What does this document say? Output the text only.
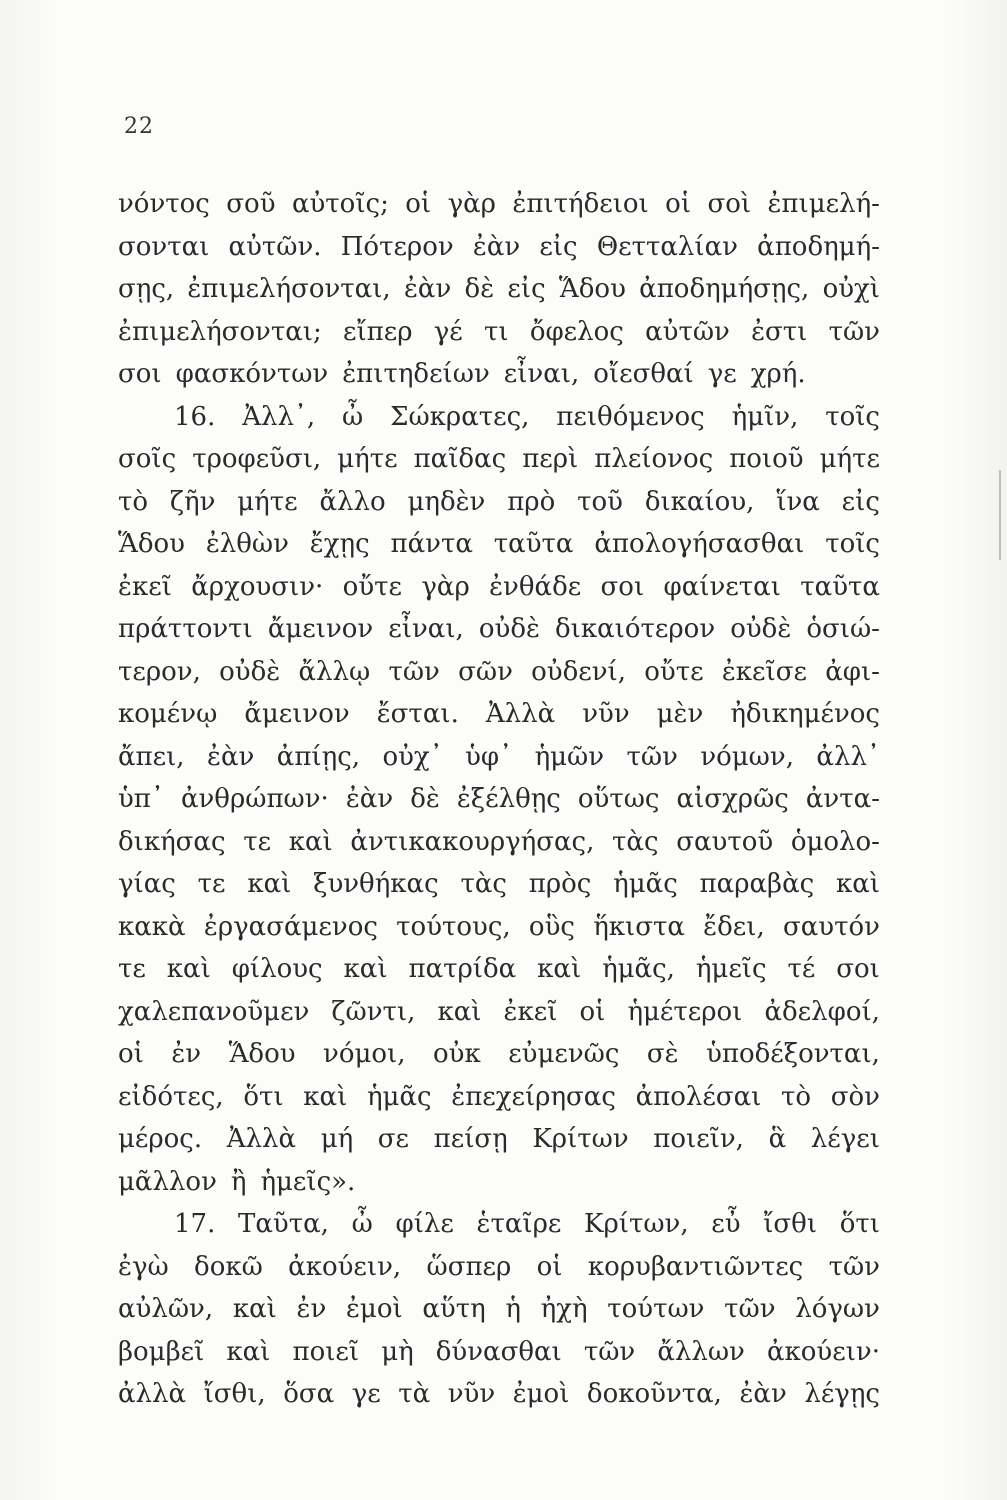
22
νόντος σοῦ αὐτοῖς; οἱ γὰρ ἐπιτήδειοι οἱ σοὶ ἐπιμελή-
σονται αὐτῶν. Πότερον ἐὰν εἰς Θετταλίαν ἀποδημή-
σῃς, ἐπιμελήσονται, ἐὰν δὲ εἰς Ἅδου ἀποδημήσῃς, οὐχὶ
ἐπιμελήσονται; εἴπερ γέ τι ὄφελος αὐτῶν ἐστι τῶν
σοι φασκόντων ἐπιτηδείων εἶναι, οἴεσθαί γε χρή.
16. Ἀλλ᾽, ὦ Σώκρατες, πειθόμενος ἡμῖν, τοῖς
σοῖς τροφεῦσι, μήτε παῖδας περὶ πλείονος ποιοῦ μήτε
τὸ ζῆν μήτε ἄλλο μηδὲν πρὸ τοῦ δικαίου, ἵνα εἰς
Ἅδου ἐλθὼν ἔχῃς πάντα ταῦτα ἀπολογήσασθαι τοῖς
ἐκεῖ ἄρχουσιν· οὔτε γὰρ ἐνθάδε σοι φαίνεται ταῦτα
πράττοντι ἄμεινον εἶναι, οὐδὲ δικαιότερον οὐδὲ ὁσιώ-
τερον, οὐδὲ ἄλλῳ τῶν σῶν οὐδενί, οὔτε ἐκεῖσε ἀφι-
κομένῳ ἄμεινον ἔσται. Ἀλλὰ νῦν μὲν ἠδικημένος
ἄπει, ἐὰν ἀπίῃς, οὐχ᾽ ὑφ᾽ ἡμῶν τῶν νόμων, ἀλλ᾽
ὑπ᾽ ἀνθρώπων· ἐὰν δὲ ἐξέλθῃς οὕτως αἰσχρῶς ἀντα-
δικήσας τε καὶ ἀντικακουργήσας, τὰς σαυτοῦ ὁμολο-
γίας τε καὶ ξυνθήκας τὰς πρὸς ἡμᾶς παραβὰς καὶ
κακὰ ἐργασάμενος τούτους, οὓς ἥκιστα ἔδει, σαυτόν
τε καὶ φίλους καὶ πατρίδα καὶ ἡμᾶς, ἡμεῖς τέ σοι
χαλεπανοῦμεν ζῶντι, καὶ ἐκεῖ οἱ ἡμέτεροι ἀδελφοί,
οἱ ἐν Ἅδου νόμοι, οὐκ εὐμενῶς σὲ ὑποδέξονται,
εἰδότες, ὅτι καὶ ἡμᾶς ἐπεχείρησας ἀπολέσαι τὸ σὸν
μέρος. Ἀλλὰ μή σε πείσῃ Κρίτων ποιεῖν, ἃ λέγει
μᾶλλον ἢ ἡμεῖς».
17. Ταῦτα, ὦ φίλε ἑταῖρε Κρίτων, εὖ ἴσθι ὅτι
ἐγὼ δοκῶ ἀκούειν, ὥσπερ οἱ κορυβαντιῶντες τῶν
αὐλῶν, καὶ ἐν ἐμοὶ αὕτη ἡ ἠχὴ τούτων τῶν λόγων
βομβεῖ καὶ ποιεῖ μὴ δύνασθαι τῶν ἄλλων ἀκούειν·
ἀλλὰ ἴσθι, ὅσα γε τὰ νῦν ἐμοὶ δοκοῦντα, ἐὰν λέγῃς
